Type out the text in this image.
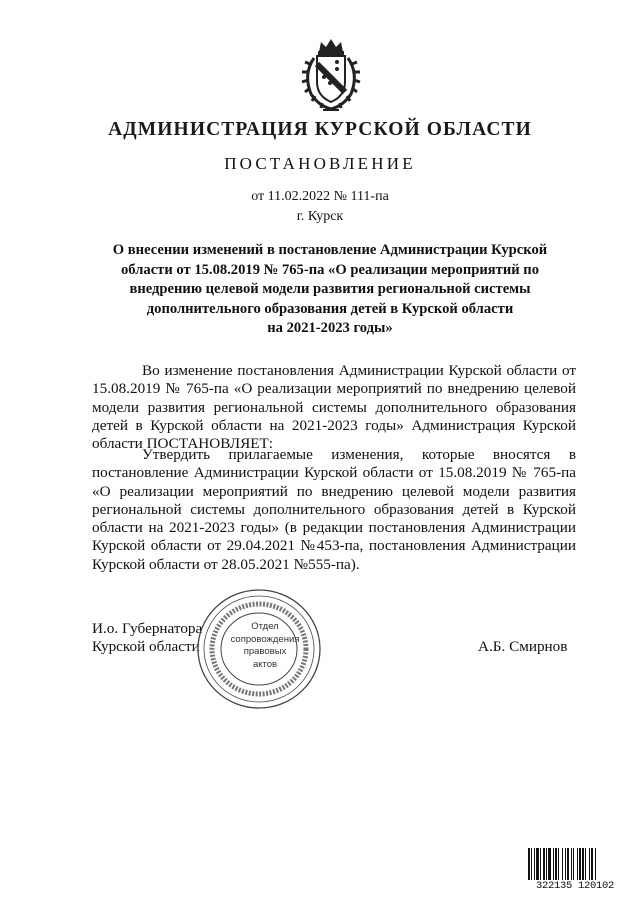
АДМИНИСТРАЦИЯ КУРСКОЙ ОБЛАСТИ
ПОСТАНОВЛЕНИЕ
от 11.02.2022 № 111-па
г. Курск
О внесении изменений в постановление Администрации Курской
области от 15.08.2019 № 765-па «О реализации мероприятий по
внедрению целевой модели развития региональной системы
дополнительного образования детей в Курской области
на 2021-2023 годы»
Во изменение постановления Администрации Курской области от
15.08.2019 № 765-па «О реализации мероприятий по внедрению целевой
модели развития региональной системы дополнительного образования
детей в Курской области на 2021-2023 годы» Администрация Курской
области ПОСТАНОВЛЯЕТ:
Утвердить прилагаемые изменения, которые вносятся в
постановление Администрации Курской области от 15.08.2019 № 765-па
«О реализации мероприятий по внедрению целевой модели развития
региональной системы дополнительного образования детей в Курской
области на 2021-2023 годы» (в редакции постановления Администрации
Курской области от 29.04.2021 №453-па, постановления Администрации
Курской области от 28.05.2021 №555-па).
И.о. Губернатора
Курской области	А.Б. Смирнов
Отдел
сопровождения
правовых
актов
322135 120102
